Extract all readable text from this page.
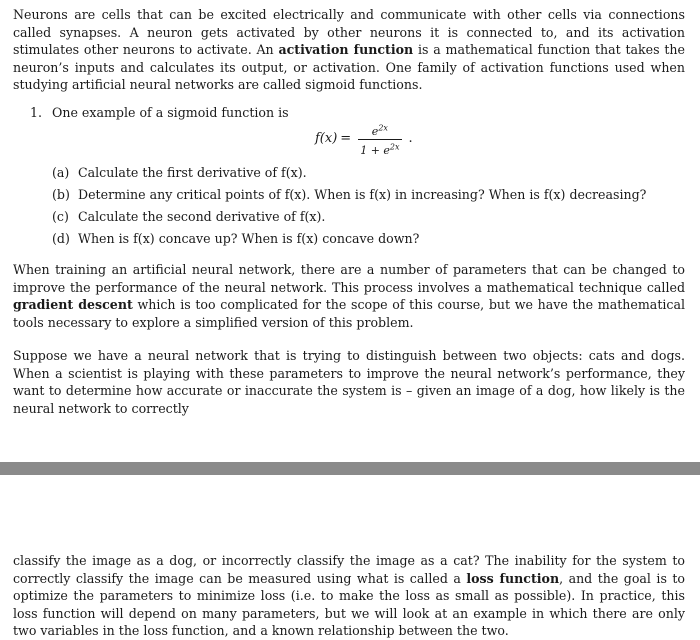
Neurons are cells that can be excited electrically and communicate with other cells via connections called synapses. A neuron gets activated by other neurons it is connected to, and its activation stimulates other neurons to activate. An activation function is a mathematical function that takes the neuron’s inputs and calculates its output, or activation. One family of activation functions used when studying artificial neural networks are called sigmoid functions.

1. One example of a sigmoid function is
$f(x) = \frac{e^{2x}}{1 + e^{2x}}$ .
(a) Calculate the first derivative of f(x).
(b) Determine any critical points of f(x). When is f(x) in increasing? When is f(x) decreasing?
(c) Calculate the second derivative of f(x).
(d) When is f(x) concave up? When is f(x) concave down?

When training an artificial neural network, there are a number of parameters that can be changed to improve the performance of the neural network. This process involves a mathematical technique called gradient descent which is too complicated for the scope of this course, but we have the mathematical tools necessary to explore a simplified version of this problem.

Suppose we have a neural network that is trying to distinguish between two objects: cats and dogs. When a scientist is playing with these parameters to improve the neural network’s performance, they want to determine how accurate or inaccurate the system is – given an image of a dog, how likely is the neural network to correctly

classify the image as a dog, or incorrectly classify the image as a cat? The inability for the system to correctly classify the image can be measured using what is called a loss function, and the goal is to optimize the parameters to minimize loss (i.e. to make the loss as small as possible). In practice, this loss function will depend on many parameters, but we will look at an example in which there are only two variables in the loss function, and a known relationship between the two.
